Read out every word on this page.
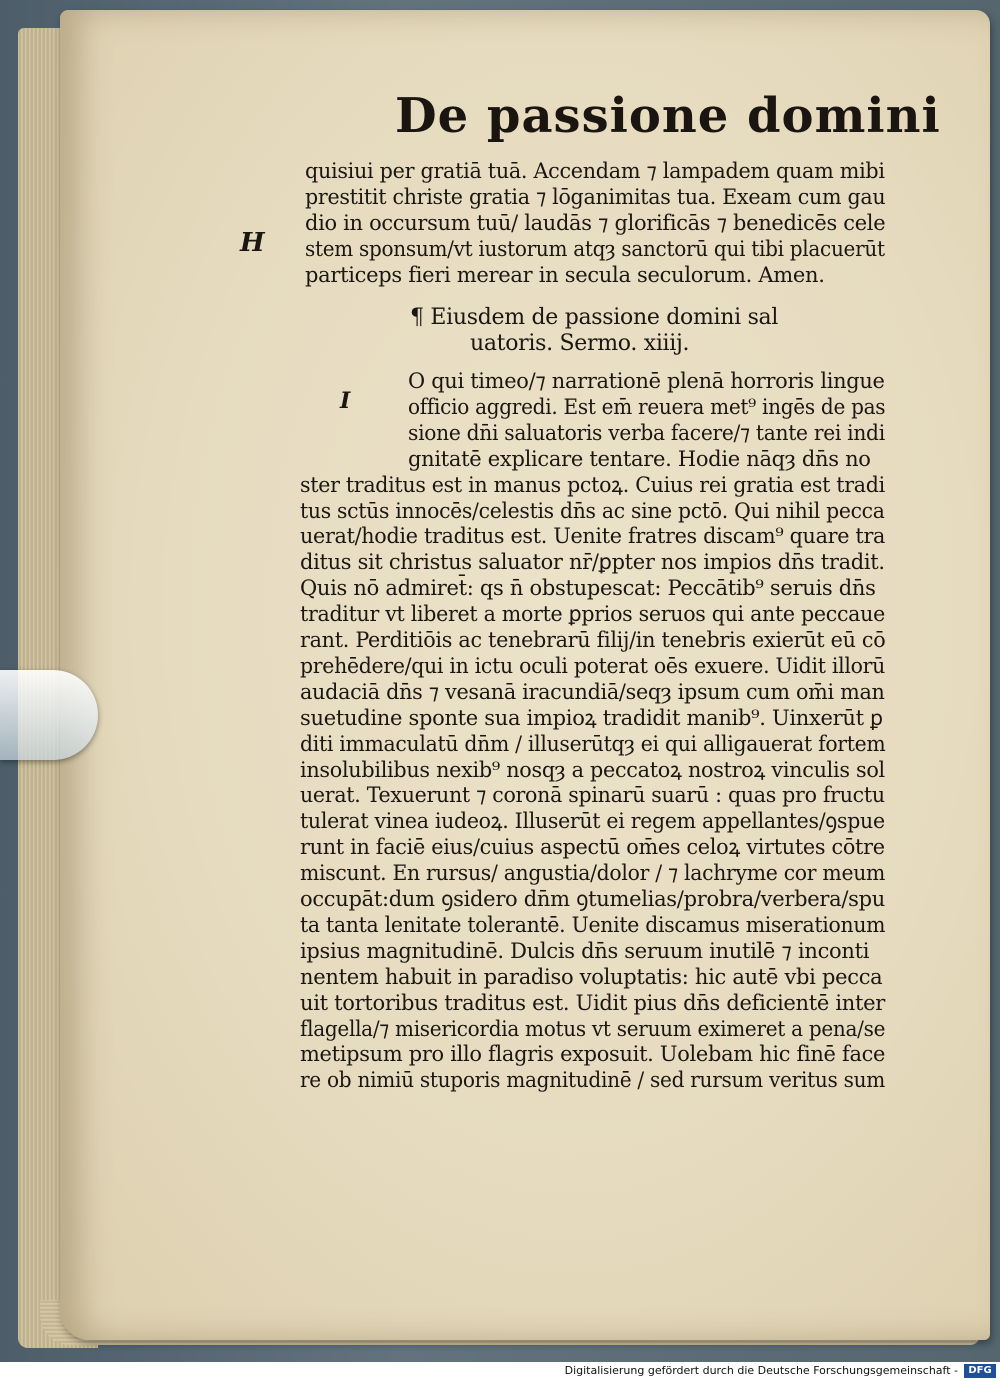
De passione domini
H
I
quisiui per gratiā tuā. Accendam ⁊ lampadem quam mibi
prestitit christe gratia ⁊ lōganimitas tua. Exeam cum gau
dio in occursum tuū/ laudās ⁊ glorificās ⁊ benedicēs cele
stem sponsum/vt iustorum atqȝ sanctorū qui tibi placuerūt
particeps fieri merear in secula seculorum. Amen.
¶ Eiusdem de passione domini sal
uatoris. Sermo. xiiij.
O qui timeo/⁊ narrationē plenā horroris lingue
officio aggredi. Est em̄ reuera met⁹ ingēs de pas
sione dn̄i saluatoris verba facere/⁊ tante rei indi
gnitatē explicare tentare. Hodie nāqȝ dn̄s no
ster traditus est in manus pctoꝝ. Cuius rei gratia est tradi
tus sctūs innocēs/celestis dn̄s ac sine pctō. Qui nihil pecca
uerat/hodie traditus est. Uenite fratres discam⁹ quare tra
ditus sit christus saluator nr̄/ꝑpter nos impios dn̄s tradit.
Quis nō admiret̄: qs n̄ obstupescat: Peccātib⁹ seruis dn̄s
traditur vt liberet a morte ꝑprios seruos qui ante peccaue
rant. Perditiōis ac tenebrarū filij/in tenebris exierūt eū cō
prehēdere/qui in ictu oculi poterat oēs exuere. Uidit illorū
audaciā dn̄s ⁊ vesanā iracundiā/seqȝ ipsum cum om̄i man
suetudine sponte sua impioꝝ tradidit manib⁹. Uinxerūt ꝑ
diti immaculatū dn̄m / illuserūtqȝ ei qui alligauerat fortem
insolubilibus nexib⁹ nosqȝ a peccatoꝝ nostroꝝ vinculis sol
uerat. Texuerunt ⁊ coronā spinarū suarū : quas pro fructu
tulerat vinea iudeoꝝ. Illuserūt ei regem appellantes/ꝯspue
runt in faciē eius/cuius aspectū om̄es celoꝝ virtutes cōtre
miscunt. En rursus/ angustia/dolor / ⁊ lachryme cor meum
occupāt:dum ꝯsidero dn̄m ꝯtumelias/probra/verbera/spu
ta tanta lenitate tolerantē. Uenite discamus miserationum
ipsius magnitudinē. Dulcis dn̄s seruum inutilē ⁊ inconti
nentem habuit in paradiso voluptatis: hic autē vbi pecca
uit tortoribus traditus est. Uidit pius dn̄s deficientē inter
flagella/⁊ misericordia motus vt seruum eximeret a pena/se
metipsum pro illo flagris exposuit. Uolebam hic finē face
re ob nimiū stuporis magnitudinē / sed rursum veritus sum
Digitalisierung gefördert durch die Deutsche Forschungsgemeinschaft -	DFG
